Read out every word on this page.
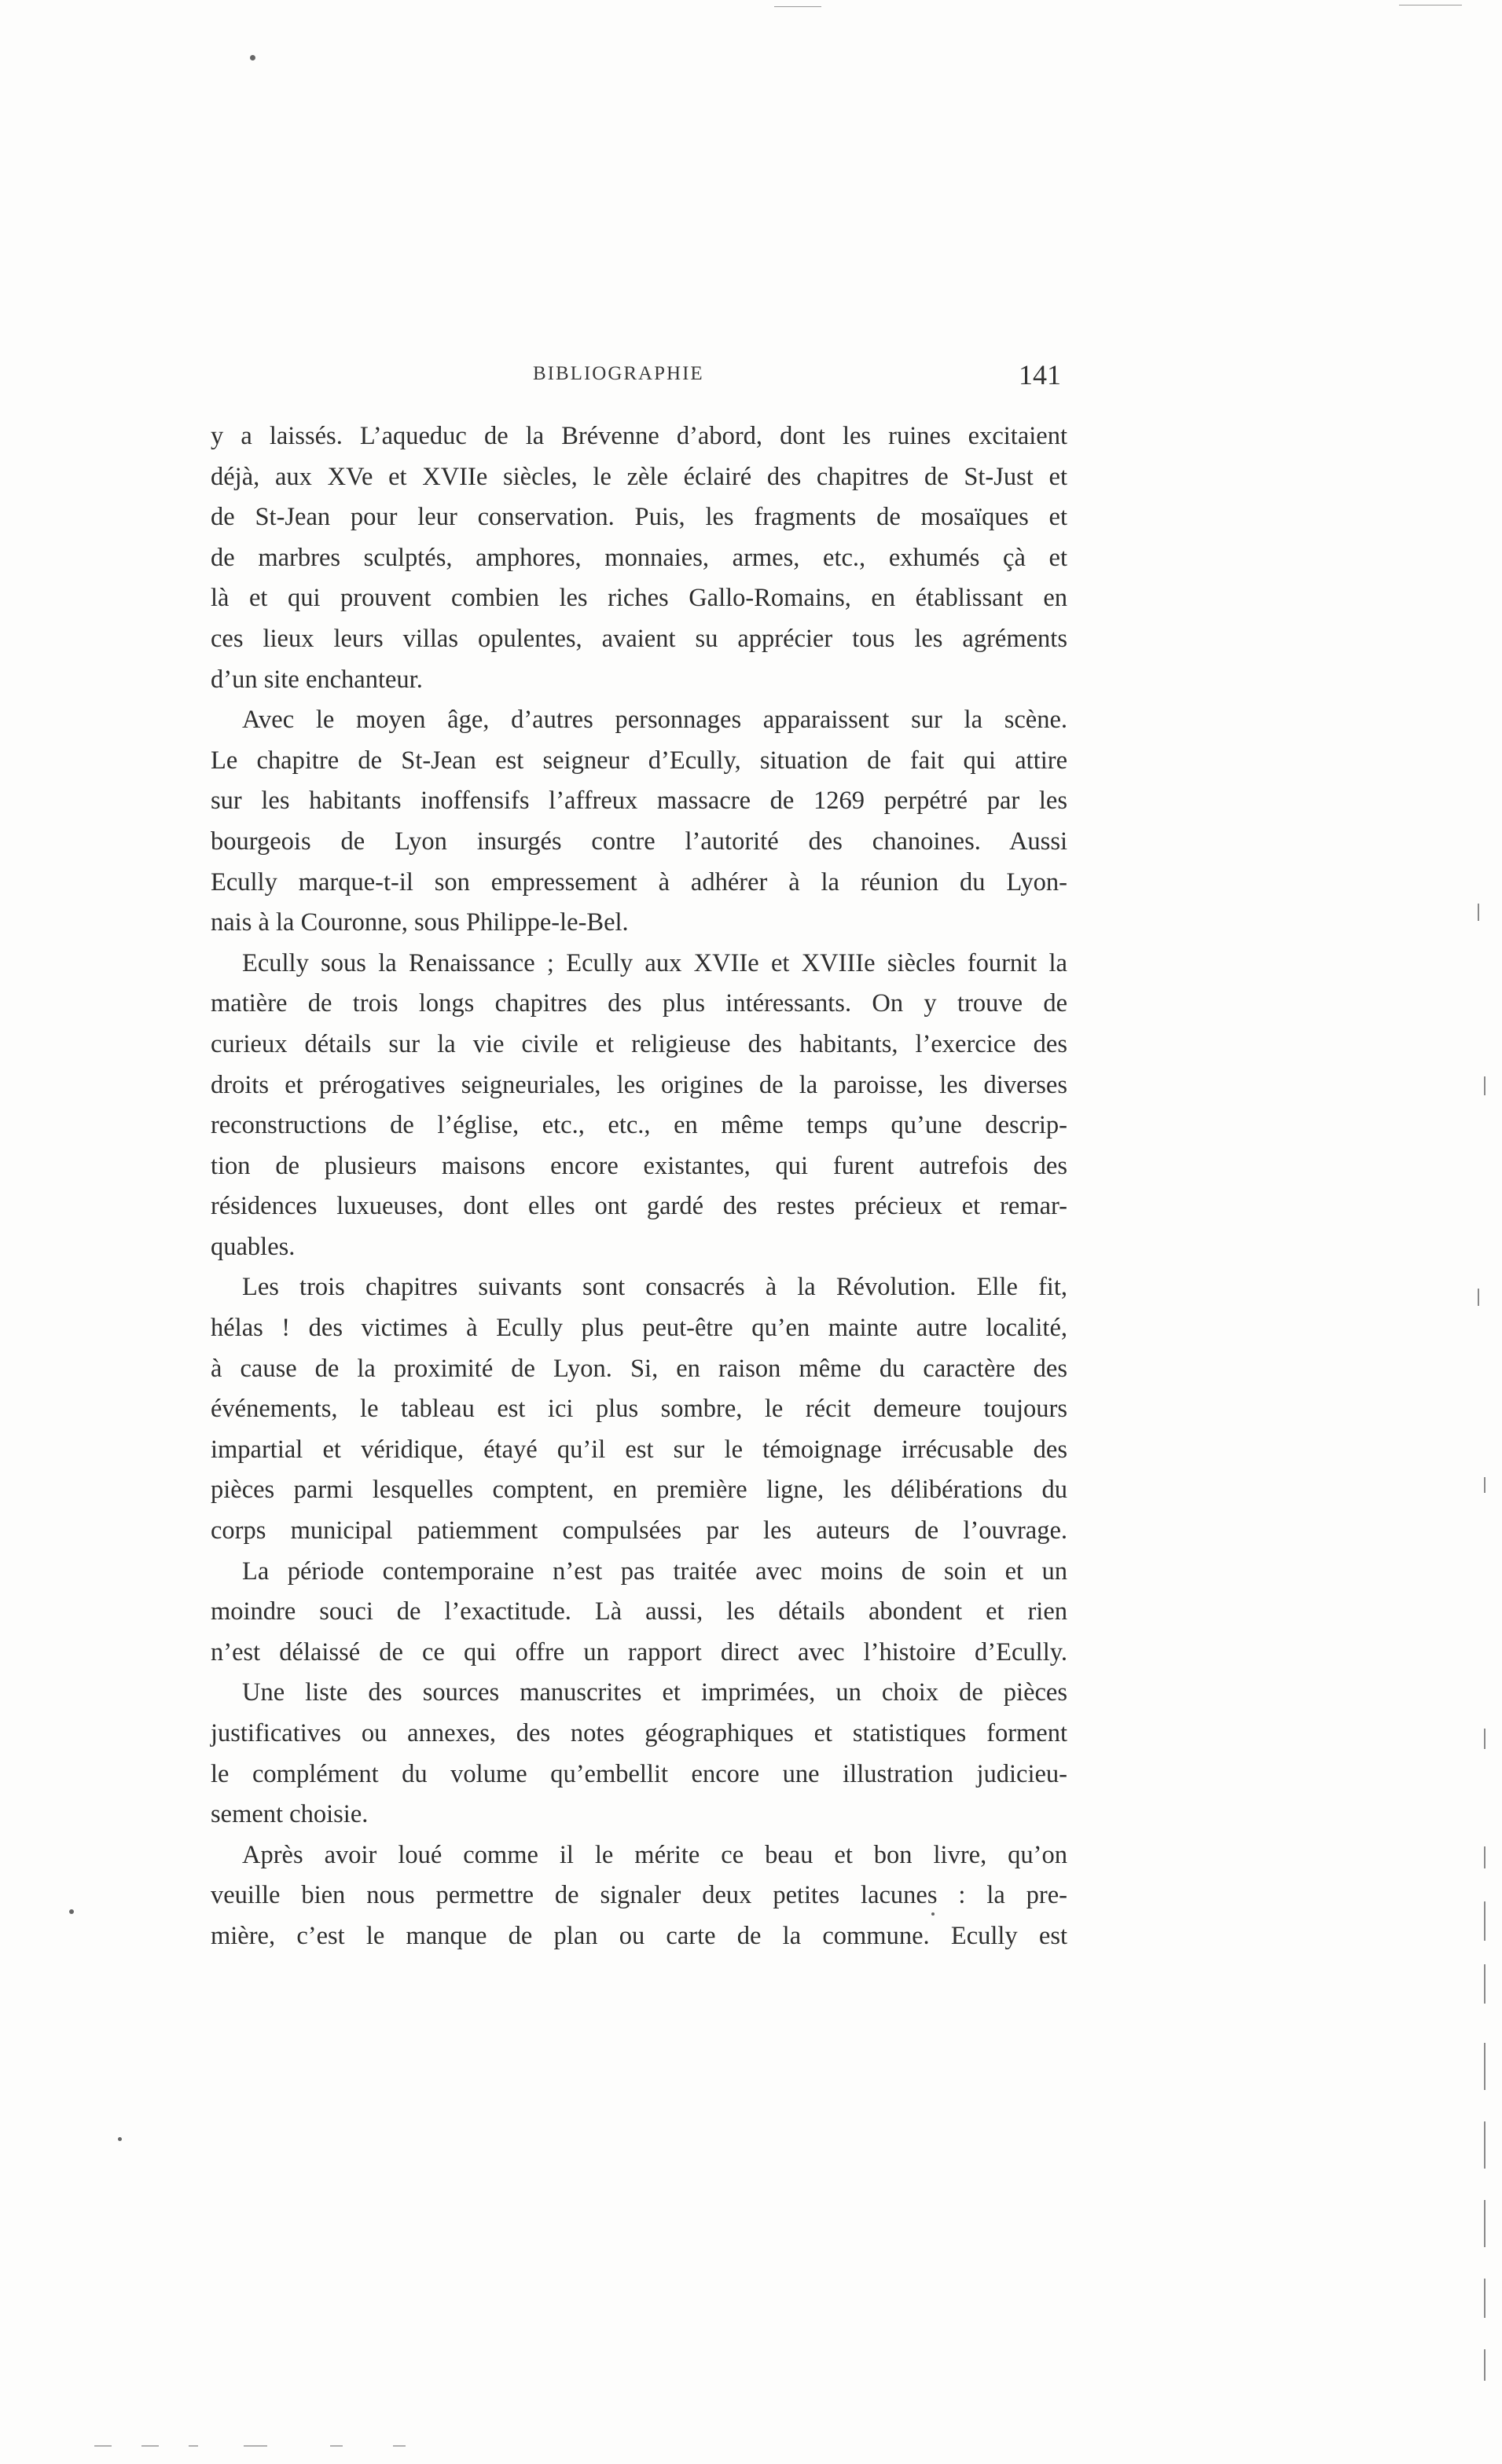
BIBLIOGRAPHIE	141
y a laissés. L’aqueduc de la Brévenne d’abord, dont les ruines excitaient
déjà, aux XVe et XVIIe siècles, le zèle éclairé des chapitres de St-Just et
de St-Jean pour leur conservation. Puis, les fragments de mosaïques et
de marbres sculptés, amphores, monnaies, armes, etc., exhumés çà et
là et qui prouvent combien les riches Gallo-Romains, en établissant en
ces lieux leurs villas opulentes, avaient su apprécier tous les agréments
d’un site enchanteur.
Avec le moyen âge, d’autres personnages apparaissent sur la scène.
Le chapitre de St-Jean est seigneur d’Ecully, situation de fait qui attire
sur les habitants inoffensifs l’affreux massacre de 1269 perpétré par les
bourgeois de Lyon insurgés contre l’autorité des chanoines. Aussi
Ecully marque-t-il son empressement à adhérer à la réunion du Lyon-
nais à la Couronne, sous Philippe-le-Bel.
Ecully sous la Renaissance ; Ecully aux XVIIe et XVIIIe siècles fournit la
matière de trois longs chapitres des plus intéressants. On y trouve de
curieux détails sur la vie civile et religieuse des habitants, l’exercice des
droits et prérogatives seigneuriales, les origines de la paroisse, les diverses
reconstructions de l’église, etc., etc., en même temps qu’une descrip-
tion de plusieurs maisons encore existantes, qui furent autrefois des
résidences luxueuses, dont elles ont gardé des restes précieux et remar-
quables.
Les trois chapitres suivants sont consacrés à la Révolution. Elle fit,
hélas ! des victimes à Ecully plus peut-être qu’en mainte autre localité,
à cause de la proximité de Lyon. Si, en raison même du caractère des
événements, le tableau est ici plus sombre, le récit demeure toujours
impartial et véridique, étayé qu’il est sur le témoignage irrécusable des
pièces parmi lesquelles comptent, en première ligne, les délibérations du
corps municipal patiemment compulsées par les auteurs de l’ouvrage.
La période contemporaine n’est pas traitée avec moins de soin et un
moindre souci de l’exactitude. Là aussi, les détails abondent et rien
n’est délaissé de ce qui offre un rapport direct avec l’histoire d’Ecully.
Une liste des sources manuscrites et imprimées, un choix de pièces
justificatives ou annexes, des notes géographiques et statistiques forment
le complément du volume qu’embellit encore une illustration judicieu-
sement choisie.
Après avoir loué comme il le mérite ce beau et bon livre, qu’on
veuille bien nous permettre de signaler deux petites lacunes : la pre-
mière, c’est le manque de plan ou carte de la commune. Ecully est
